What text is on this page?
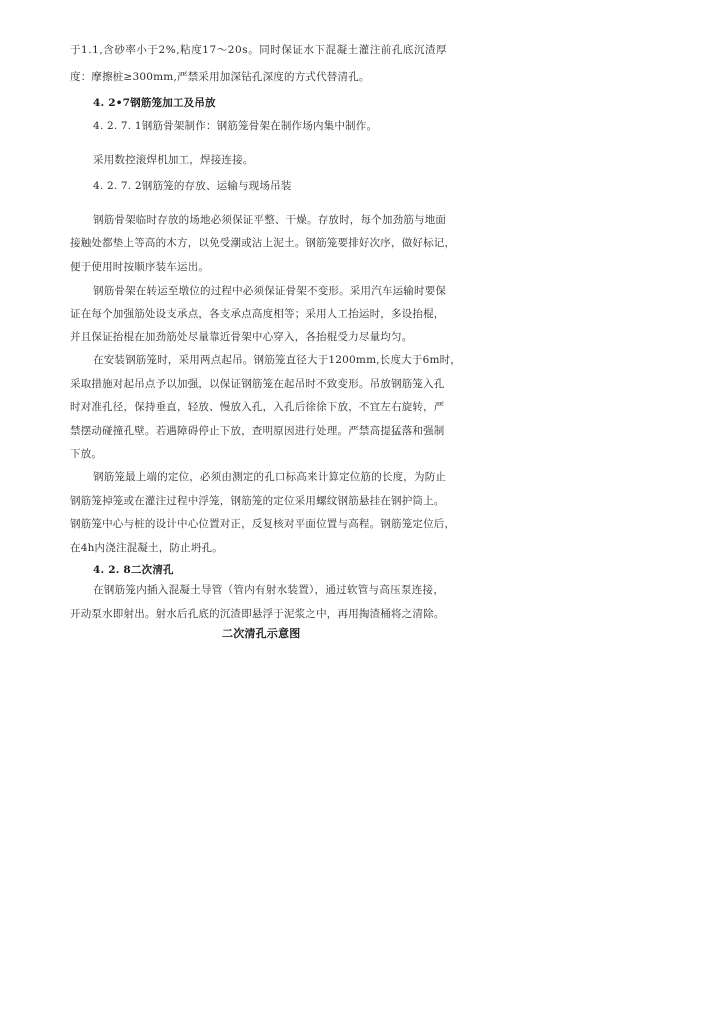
于1.1,含砂率小于2%,粘度17～20s。同时保证水下混凝土灌注前孔底沉渣厚
度：摩擦桩≥300mm,严禁采用加深钻孔深度的方式代替清孔。
4. 2•7钢筋笼加工及吊放
4. 2. 7. 1钢筋骨架制作：钢筋笼骨架在制作场内集中制作。
采用数控滚焊机加工，焊接连接。
4. 2. 7. 2钢筋笼的存放、运输与现场吊装
钢筋骨架临时存放的场地必须保证平整、干燥。存放时，每个加劲筋与地面
接触处都垫上等高的木方，以免受潮或沾上泥土。钢筋笼要排好次序，做好标记，
便于使用时按顺序装车运出。
钢筋骨架在转运至墩位的过程中必须保证骨架不变形。采用汽车运输时要保
证在每个加强筋处设支承点，各支承点高度相等；采用人工抬运时，多设抬棍，
并且保证抬棍在加劲筋处尽量靠近骨架中心穿入，各抬棍受力尽量均匀。
在安装钢筋笼时，采用两点起吊。钢筋笼直径大于1200mm,长度大于6m时，
采取措施对起吊点予以加强，以保证钢筋笼在起吊时不致变形。吊放钢筋笼入孔
时对准孔径，保持垂直，轻放、慢放入孔，入孔后徐徐下放，不宜左右旋转，严
禁摆动碰撞孔壁。若遇障碍停止下放，查明原因进行处理。严禁高提猛落和强制
下放。
钢筋笼最上端的定位，必须由测定的孔口标高来计算定位筋的长度，为防止
钢筋笼掉笼或在灌注过程中浮笼，钢筋笼的定位采用螺纹钢筋悬挂在钢护筒上。
钢筋笼中心与桩的设计中心位置对正，反复核对平面位置与高程。钢筋笼定位后，
在4h内浇注混凝土，防止坍孔。
4. 2. 8二次清孔
在钢筋笼内插入混凝土导管（管内有射水装置），通过软管与高压泵连接，
开动泵水即射出。射水后孔底的沉渣即悬浮于泥浆之中，再用掏渣桶将之清除。
二次清孔示意图
